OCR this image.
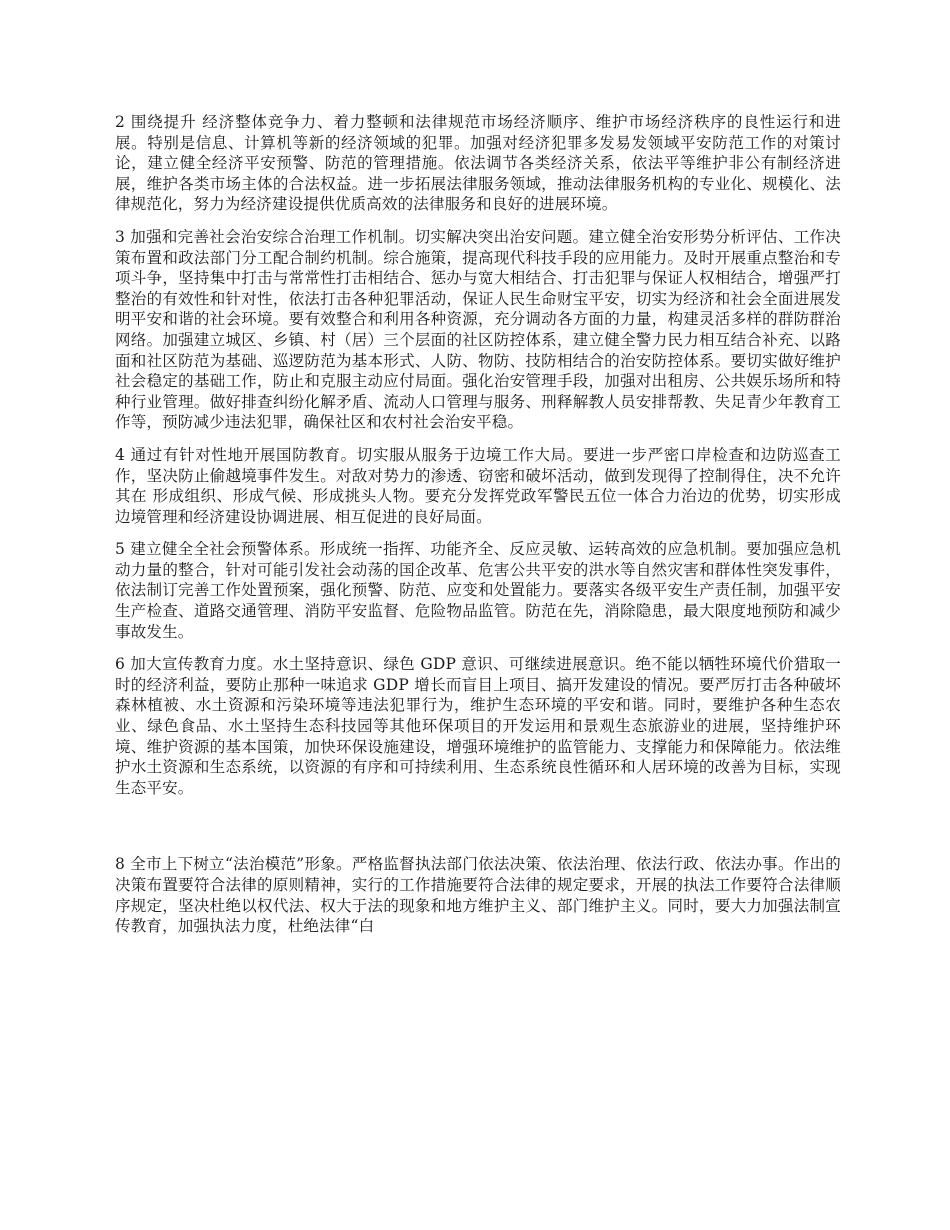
2 围绕提升 经济整体竞争力、着力整顿和法律规范市场经济顺序、维护市场经济秩序的良性运行和进展。特别是信息、计算机等新的经济领域的犯罪。加强对经济犯罪多发易发领域平安防范工作的对策讨论，建立健全经济平安预警、防范的管理措施。依法调节各类经济关系，依法平等维护非公有制经济进展，维护各类市场主体的合法权益。进一步拓展法律服务领域，推动法律服务机构的专业化、规模化、法律规范化，努力为经济建设提供优质高效的法律服务和良好的进展环境。

3 加强和完善社会治安综合治理工作机制。切实解决突出治安问题。建立健全治安形势分析评估、工作决策布置和政法部门分工配合制约机制。综合施策，提高现代科技手段的应用能力。及时开展重点整治和专项斗争，坚持集中打击与常常性打击相结合、惩办与宽大相结合、打击犯罪与保证人权相结合，增强严打整治的有效性和针对性，依法打击各种犯罪活动，保证人民生命财宝平安，切实为经济和社会全面进展发明平安和谐的社会环境。要有效整合和利用各种资源，充分调动各方面的力量，构建灵活多样的群防群治网络。加强建立城区、乡镇、村（居）三个层面的社区防控体系，建立健全警力民力相互结合补充、以路面和社区防范为基础、巡逻防范为基本形式、人防、物防、技防相结合的治安防控体系。要切实做好维护社会稳定的基础工作，防止和克服主动应付局面。强化治安管理手段，加强对出租房、公共娱乐场所和特种行业管理。做好排查纠纷化解矛盾、流动人口管理与服务、刑释解教人员安排帮教、失足青少年教育工作等，预防减少违法犯罪，确保社区和农村社会治安平稳。

4 通过有针对性地开展国防教育。切实服从服务于边境工作大局。要进一步严密口岸检查和边防巡查工作，坚决防止偷越境事件发生。对敌对势力的渗透、窃密和破坏活动，做到发现得了控制得住，决不允许其在 形成组织、形成气候、形成挑头人物。要充分发挥党政军警民五位一体合力治边的优势，切实形成边境管理和经济建设协调进展、相互促进的良好局面。

5 建立健全全社会预警体系。形成统一指挥、功能齐全、反应灵敏、运转高效的应急机制。要加强应急机动力量的整合，针对可能引发社会动荡的国企改革、危害公共平安的洪水等自然灾害和群体性突发事件，依法制订完善工作处置预案，强化预警、防范、应变和处置能力。要落实各级平安生产责任制，加强平安生产检查、道路交通管理、消防平安监督、危险物品监管。防范在先，消除隐患，最大限度地预防和减少事故发生。

6 加大宣传教育力度。水土坚持意识、绿色 GDP 意识、可继续进展意识。绝不能以牺牲环境代价猎取一时的经济利益，要防止那种一味追求 GDP 增长而盲目上项目、搞开发建设的情况。要严厉打击各种破坏森林植被、水土资源和污染环境等违法犯罪行为，维护生态环境的平安和谐。同时，要维护各种生态农业、绿色食品、水土坚持生态科技园等其他环保项目的开发运用和景观生态旅游业的进展，坚持维护环境、维护资源的基本国策，加快环保设施建设，增强环境维护的监管能力、支撑能力和保障能力。依法维护水土资源和生态系统，以资源的有序和可持续利用、生态系统良性循环和人居环境的改善为目标，实现生态平安。

8 全市上下树立“法治模范”形象。严格监督执法部门依法决策、依法治理、依法行政、依法办事。作出的决策布置要符合法律的原则精神，实行的工作措施要符合法律的规定要求，开展的执法工作要符合法律顺序规定，坚决杜绝以权代法、权大于法的现象和地方维护主义、部门维护主义。同时，要大力加强法制宣传教育，加强执法力度，杜绝法律“白
